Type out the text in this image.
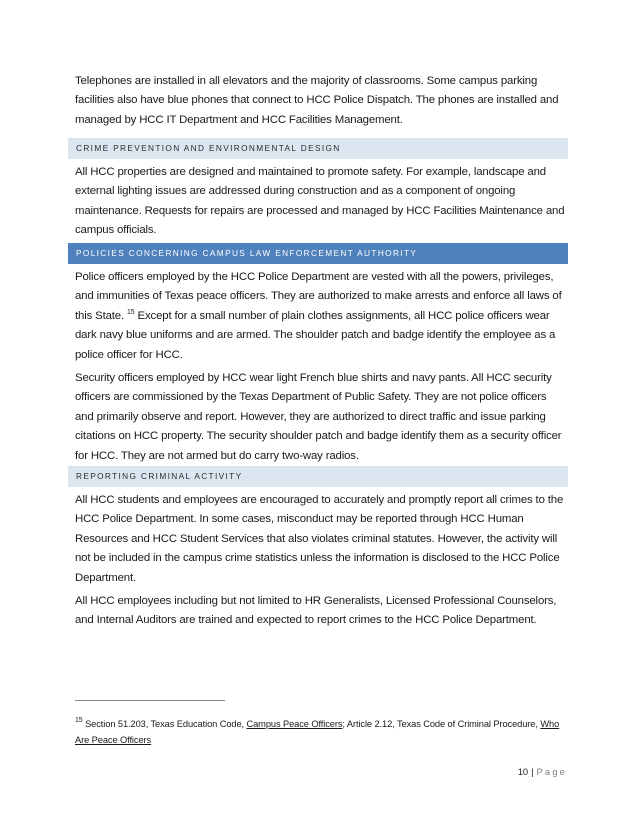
Telephones are installed in all elevators and the majority of classrooms. Some campus parking facilities also have blue phones that connect to HCC Police Dispatch. The phones are installed and managed by HCC IT Department and HCC Facilities Management.

CRIME PREVENTION AND ENVIRONMENTAL DESIGN

All HCC properties are designed and maintained to promote safety. For example, landscape and external lighting issues are addressed during construction and as a component of ongoing maintenance. Requests for repairs are processed and managed by HCC Facilities Maintenance and campus officials.

POLICIES CONCERNING CAMPUS LAW ENFORCEMENT AUTHORITY

Police officers employed by the HCC Police Department are vested with all the powers, privileges, and immunities of Texas peace officers. They are authorized to make arrests and enforce all laws of this State. $^{15}$ Except for a small number of plain clothes assignments, all HCC police officers wear dark navy blue uniforms and are armed. The shoulder patch and badge identify the employee as a police officer for HCC.

Security officers employed by HCC wear light French blue shirts and navy pants. All HCC security officers are commissioned by the Texas Department of Public Safety. They are not police officers and primarily observe and report. However, they are authorized to direct traffic and issue parking citations on HCC property. The security shoulder patch and badge identify them as a security officer for HCC. They are not armed but do carry two-way radios.

REPORTING CRIMINAL ACTIVITY

All HCC students and employees are encouraged to accurately and promptly report all crimes to the HCC Police Department. In some cases, misconduct may be reported through HCC Human Resources and HCC Student Services that also violates criminal statutes. However, the activity will not be included in the campus crime statistics unless the information is disclosed to the HCC Police Department.

All HCC employees including but not limited to HR Generalists, Licensed Professional Counselors, and Internal Auditors are trained and expected to report crimes to the HCC Police Department.

$^{15}$ Section 51.203, Texas Education Code, Campus Peace Officers; Article 2.12, Texas Code of Criminal Procedure, Who Are Peace Officers
10 | Page
